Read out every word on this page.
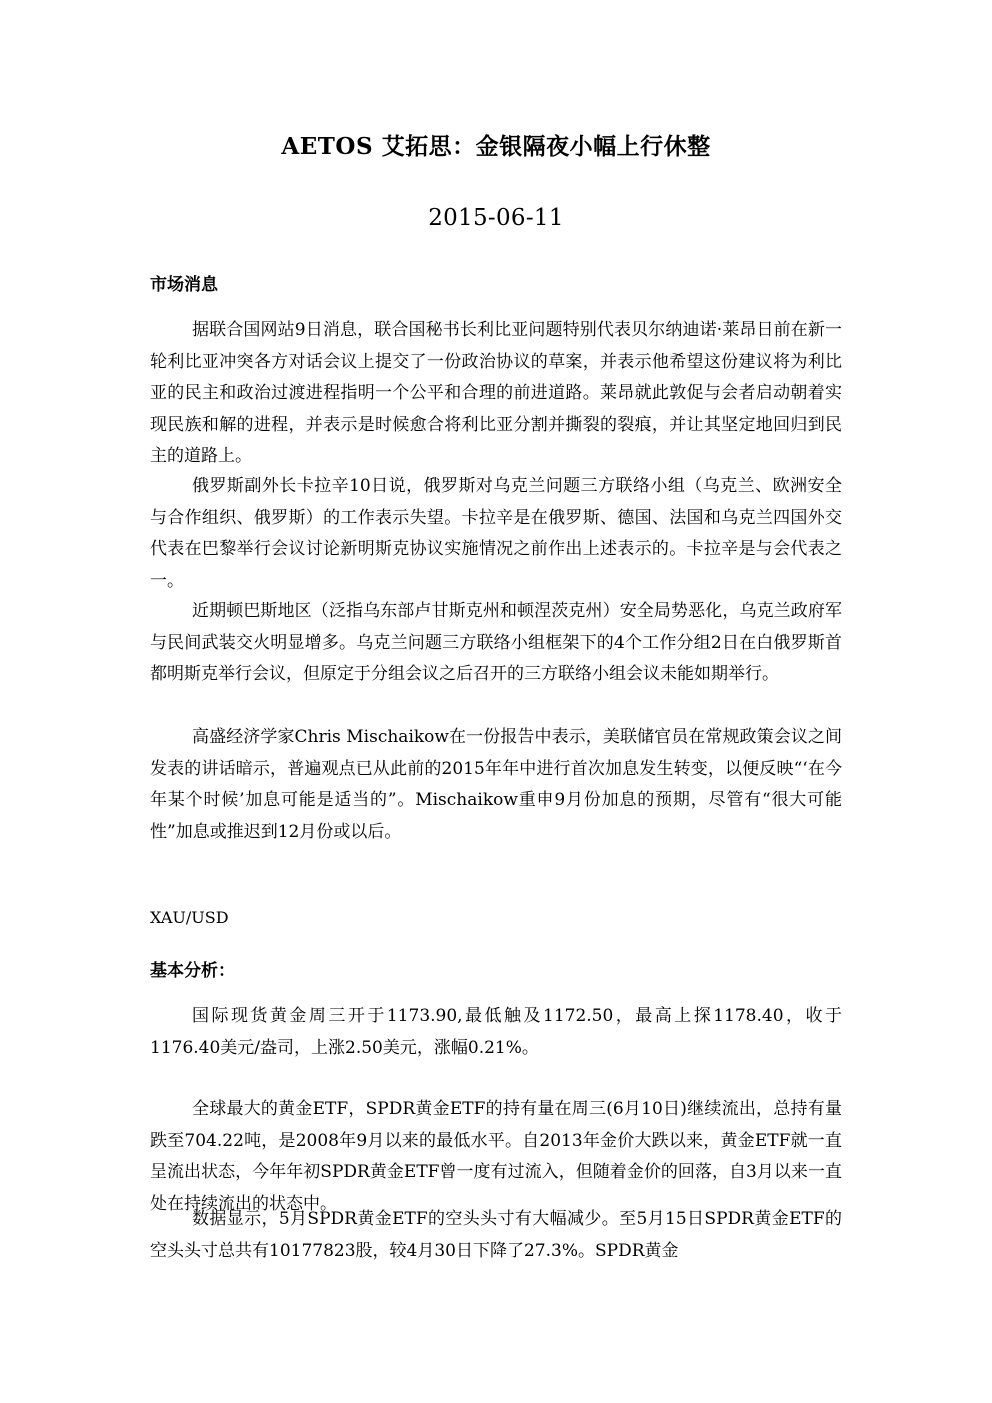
AETOS 艾拓思：金银隔夜小幅上行休整
2015-06-11
市场消息

据联合国网站9日消息，联合国秘书长利比亚问题特别代表贝尔纳迪诺·莱昂日前在新一轮利比亚冲突各方对话会议上提交了一份政治协议的草案，并表示他希望这份建议将为利比亚的民主和政治过渡进程指明一个公平和合理的前进道路。莱昂就此敦促与会者启动朝着实现民族和解的进程，并表示是时候愈合将利比亚分割并撕裂的裂痕，并让其坚定地回归到民主的道路上。

俄罗斯副外长卡拉辛10日说，俄罗斯对乌克兰问题三方联络小组（乌克兰、欧洲安全与合作组织、俄罗斯）的工作表示失望。卡拉辛是在俄罗斯、德国、法国和乌克兰四国外交代表在巴黎举行会议讨论新明斯克协议实施情况之前作出上述表示的。卡拉辛是与会代表之一。

近期顿巴斯地区（泛指乌东部卢甘斯克州和顿涅茨克州）安全局势恶化，乌克兰政府军与民间武装交火明显增多。乌克兰问题三方联络小组框架下的4个工作分组2日在白俄罗斯首都明斯克举行会议，但原定于分组会议之后召开的三方联络小组会议未能如期举行。

高盛经济学家Chris Mischaikow在一份报告中表示，美联储官员在常规政策会议之间发表的讲话暗示，普遍观点已从此前的2015年年中进行首次加息发生转变，以便反映“‘在今年某个时候’加息可能是适当的”。Mischaikow重申9月份加息的预期，尽管有“很大可能性”加息或推迟到12月份或以后。

XAU/USD
基本分析：

国际现货黄金周三开于1173.90,最低触及1172.50，最高上探1178.40，收于1176.40美元/盎司，上涨2.50美元，涨幅0.21%。

全球最大的黄金ETF，SPDR黄金ETF的持有量在周三(6月10日)继续流出，总持有量跌至704.22吨，是2008年9月以来的最低水平。自2013年金价大跌以来，黄金ETF就一直呈流出状态，今年年初SPDR黄金ETF曾一度有过流入，但随着金价的回落，自3月以来一直处在持续流出的状态中。

数据显示，5月SPDR黄金ETF的空头头寸有大幅减少。至5月15日SPDR黄金ETF的空头头寸总共有10177823股，较4月30日下降了27.3%。SPDR黄金
